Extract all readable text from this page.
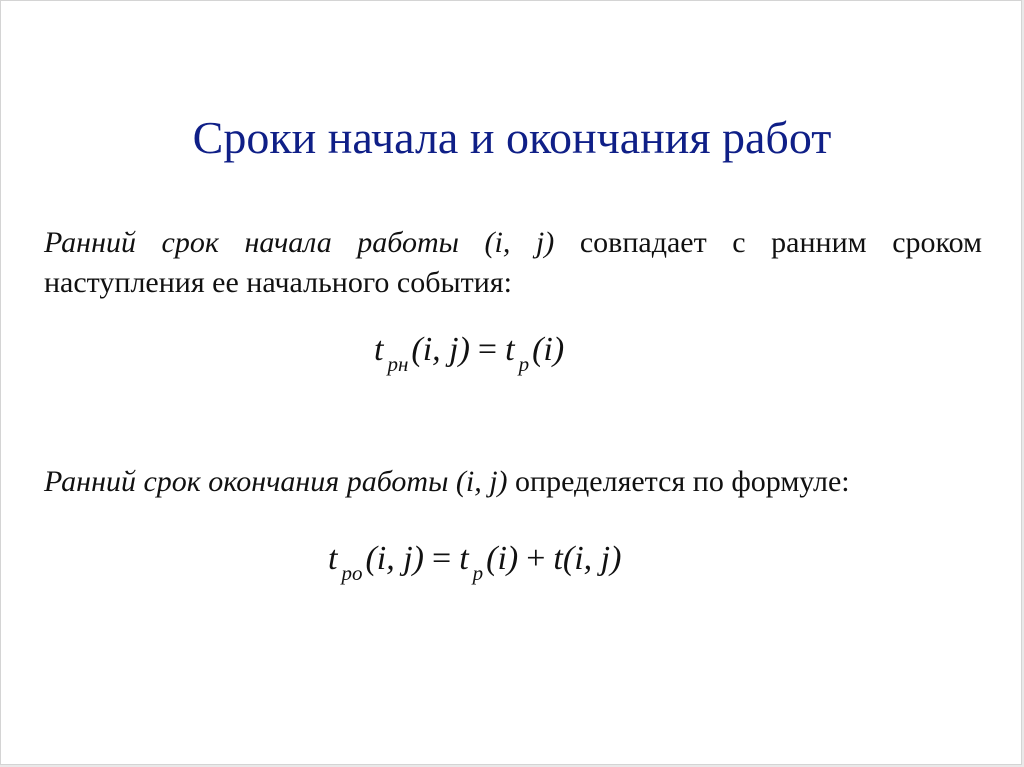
Сроки начала и окончания работ
Ранний срок начала работы (i, j) совпадает с ранним сроком наступления ее начального события:
t $_{рн}$(i, j) = t $_р$(i)
Ранний срок окончания работы (i, j) определяется по формуле:
t $_{ро}$(i, j) = t $_р$(i) + t(i, j)
